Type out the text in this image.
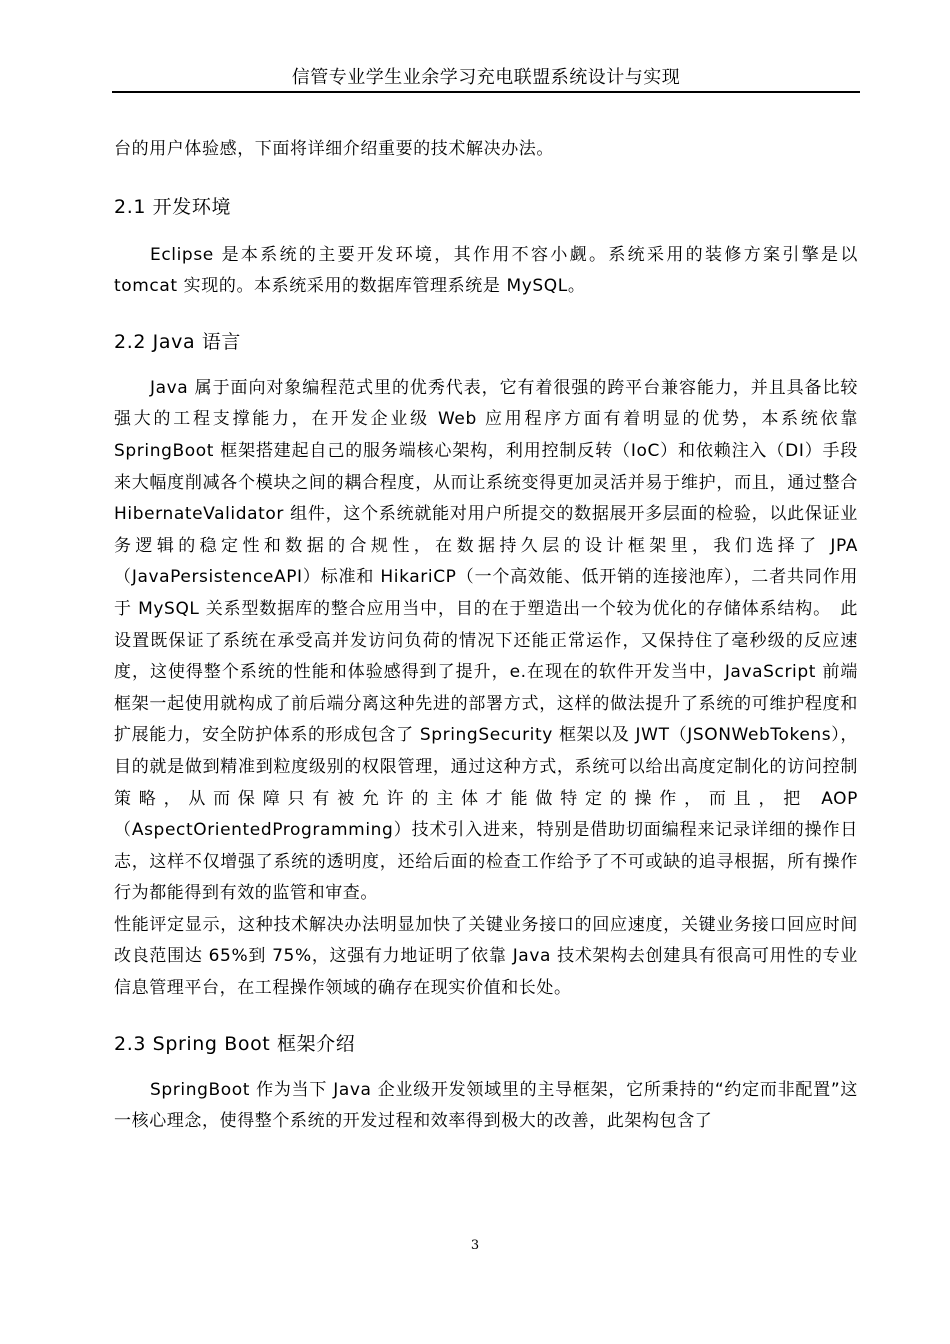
信管专业学生业余学习充电联盟系统设计与实现

台的用户体验感，下面将详细介绍重要的技术解决办法。

2.1 开发环境

Eclipse 是本系统的主要开发环境，其作用不容小觑。系统采用的装修方案引擎是以 tomcat 实现的。本系统采用的数据库管理系统是 MySQL。

2.2 Java 语言

Java 属于面向对象编程范式里的优秀代表，它有着很强的跨平台兼容能力，并且具备比较强大的工程支撑能力，在开发企业级 Web 应用程序方面有着明显的优势，本系统依靠 SpringBoot 框架搭建起自己的服务端核心架构，利用控制反转（IoC）和依赖注入（DI）手段来大幅度削减各个模块之间的耦合程度，从而让系统变得更加灵活并易于维护，而且，通过整合 HibernateValidator 组件，这个系统就能对用户所提交的数据展开多层面的检验，以此保证业务逻辑的稳定性和数据的合规性，在数据持久层的设计框架里，我们选择了 JPA（JavaPersistenceAPI）标准和 HikariCP（一个高效能、低开销的连接池库），二者共同作用于 MySQL 关系型数据库的整合应用当中，目的在于塑造出一个较为优化的存储体系结构。　此设置既保证了系统在承受高并发访问负荷的情况下还能正常运作，又保持住了毫秒级的反应速度，这使得整个系统的性能和体验感得到了提升，e.在现在的软件开发当中，JavaScript 前端框架一起使用就构成了前后端分离这种先进的部署方式，这样的做法提升了系统的可维护程度和扩展能力，安全防护体系的形成包含了 SpringSecurity 框架以及 JWT（JSONWebTokens），目的就是做到精准到粒度级别的权限管理，通过这种方式，系统可以给出高度定制化的访问控制策略，从而保障只有被允许的主体才能做特定的操作，而且，把 AOP（AspectOrientedProgramming）技术引入进来，特别是借助切面编程来记录详细的操作日志，这样不仅增强了系统的透明度，还给后面的检查工作给予了不可或缺的追寻根据，所有操作行为都能得到有效的监管和审查。

性能评定显示，这种技术解决办法明显加快了关键业务接口的回应速度，关键业务接口回应时间改良范围达 65%到 75%，这强有力地证明了依靠 Java 技术架构去创建具有很高可用性的专业信息管理平台，在工程操作领域的确存在现实价值和长处。

2.3 Spring Boot 框架介绍

SpringBoot 作为当下 Java 企业级开发领域里的主导框架，它所秉持的“约定而非配置”这一核心理念，使得整个系统的开发过程和效率得到极大的改善，此架构包含了

3
